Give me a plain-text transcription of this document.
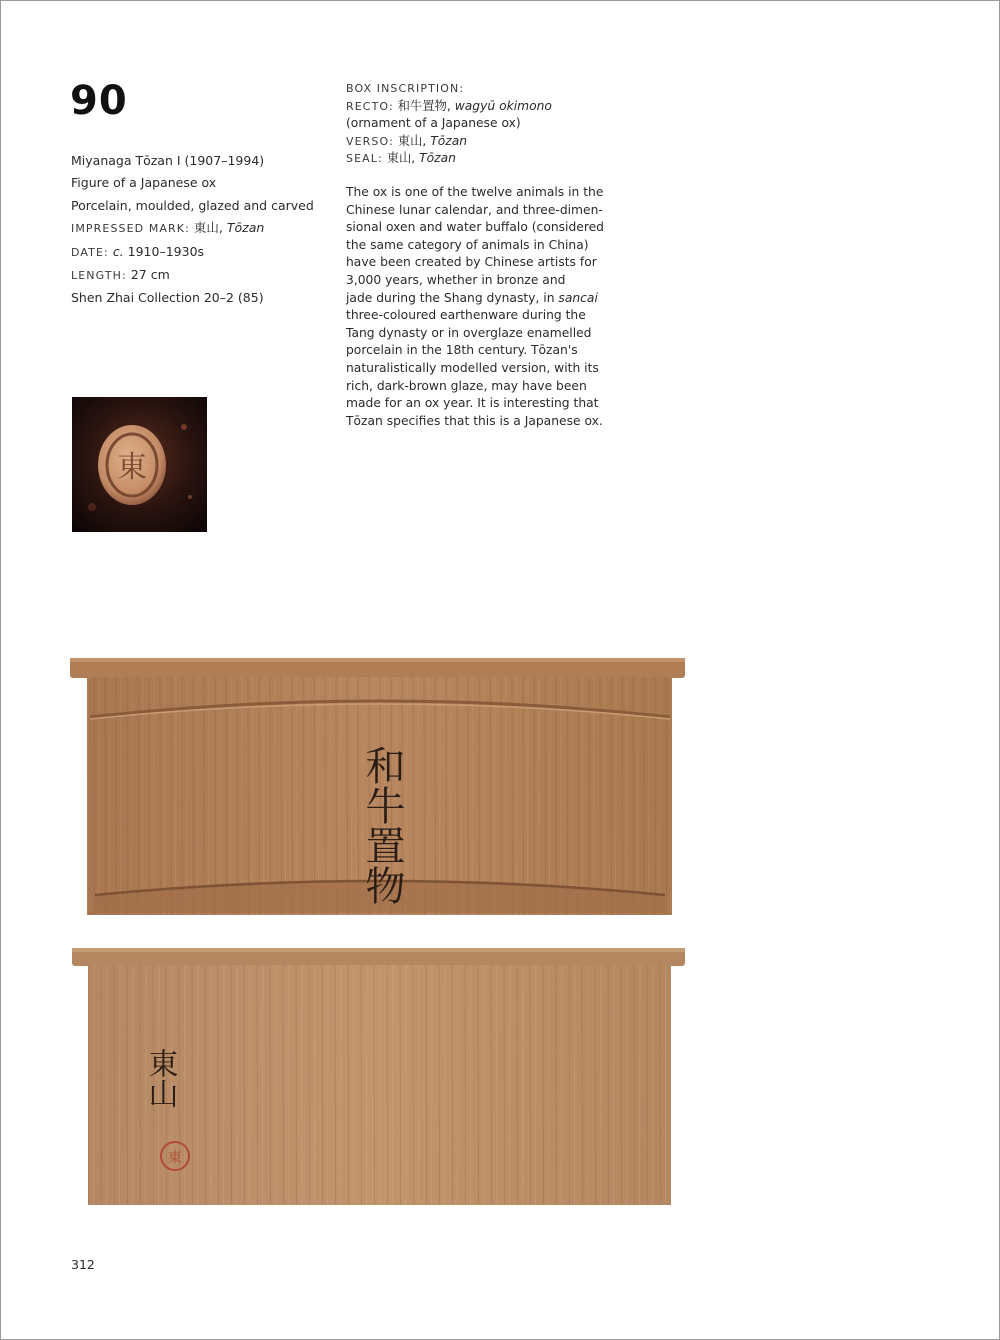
90
Miyanaga Tōzan I (1907–1994)
Figure of a Japanese ox
Porcelain, moulded, glazed and carved
IMPRESSED MARK: 東山, Tōzan
DATE: c. 1910–1930s
LENGTH: 27 cm
Shen Zhai Collection 20–2 (85)
BOX INSCRIPTION:
RECTO: 和牛置物, wagyū okimono
(ornament of a Japanese ox)
VERSO: 東山, Tōzan
SEAL: 東山, Tōzan
The ox is one of the twelve animals in the
Chinese lunar calendar, and three-dimen-
sional oxen and water buffalo (considered
the same category of animals in China)
have been created by Chinese artists for
3,000 years, whether in bronze and
jade during the Shang dynasty, in sancai
three-coloured earthenware during the
Tang dynasty or in overglaze enamelled
porcelain in the 18th century. Tōzan's
naturalistically modelled version, with its
rich, dark-brown glaze, may have been
made for an ox year. It is interesting that
Tōzan specifies that this is a Japanese ox.
東
和牛置物
東山
東
312
